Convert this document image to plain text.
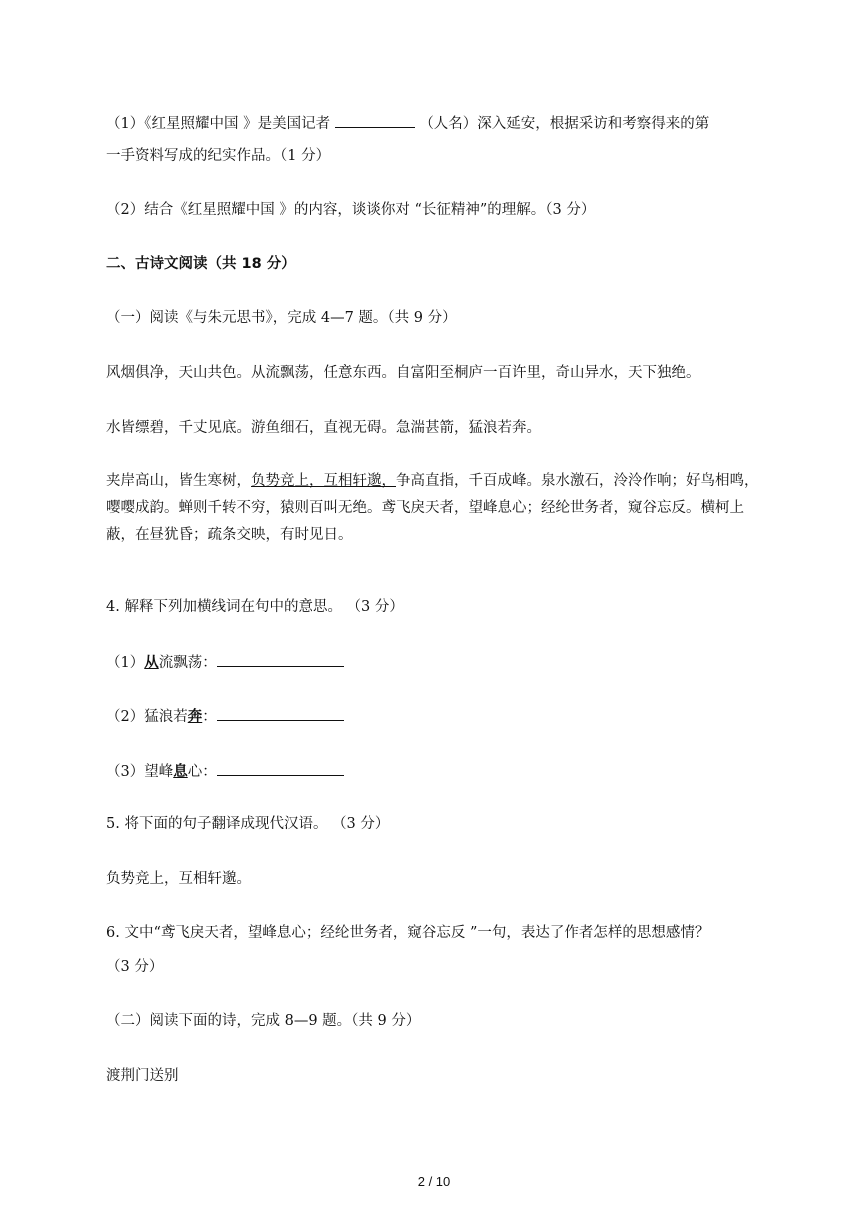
（1）《红星照耀中国 》是美国记者	（人名）深入延安，根据采访和考察得来的第
一手资料写成的纪实作品。（1 分）
（2）结合《红星照耀中国 》的内容，谈谈你对 “长征精神”的理解。（3 分）
二、古诗文阅读（共 18 分）
（一）阅读《与朱元思书》，完成 4—7 题。（共 9 分）
风烟俱净，天山共色。从流飘荡，任意东西。自富阳至桐庐一百许里，奇山异水，天下独绝。
水皆缥碧，千丈见底。游鱼细石，直视无碍。急湍甚箭，猛浪若奔。
夹岸高山，皆生寒树，负势竞上，互相轩邈，争高直指，千百成峰。泉水激石，泠泠作响；好鸟相鸣，嘤嘤成韵。蝉则千转不穷，猿则百叫无绝。鸢飞戾天者，望峰息心；经纶世务者，窥谷忘反。横柯上蔽，在昼犹昏；疏条交映，有时见日。
4. 解释下列加横线词在句中的意思。 （3 分）
（1）从流飘荡：
（2）猛浪若奔：
（3）望峰息心：
5. 将下面的句子翻译成现代汉语。 （3 分）
负势竞上，互相轩邈。
6. 文中“鸢飞戾天者，望峰息心；经纶世务者，窥谷忘反 ”一句，表达了作者怎样的思想感情？
（3 分）
（二）阅读下面的诗，完成 8—9 题。（共 9 分）
渡荆门送别
2 / 10
